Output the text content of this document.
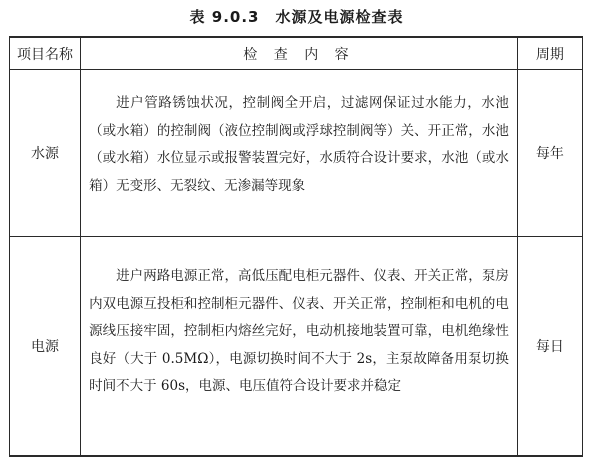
表 9.0.3　水源及电源检查表
项目名称	检 查 内 容	周期
水源	进户管路锈蚀状况，控制阀全开启，过滤网保证过水能力，水池（或水箱）的控制阀（液位控制阀或浮球控制阀等）关、开正常，水池（或水箱）水位显示或报警装置完好，水质符合设计要求，水池（或水箱）无变形、无裂纹、无渗漏等现象	每年
电源	进户两路电源正常，高低压配电柜元器件、仪表、开关正常，泵房内双电源互投柜和控制柜元器件、仪表、开关正常，控制柜和电机的电源线压接牢固，控制柜内熔丝完好，电动机接地装置可靠，电机绝缘性良好（大于 0.5MΩ），电源切换时间不大于 2s，主泵故障备用泵切换时间不大于 60s，电源、电压值符合设计要求并稳定	每日
